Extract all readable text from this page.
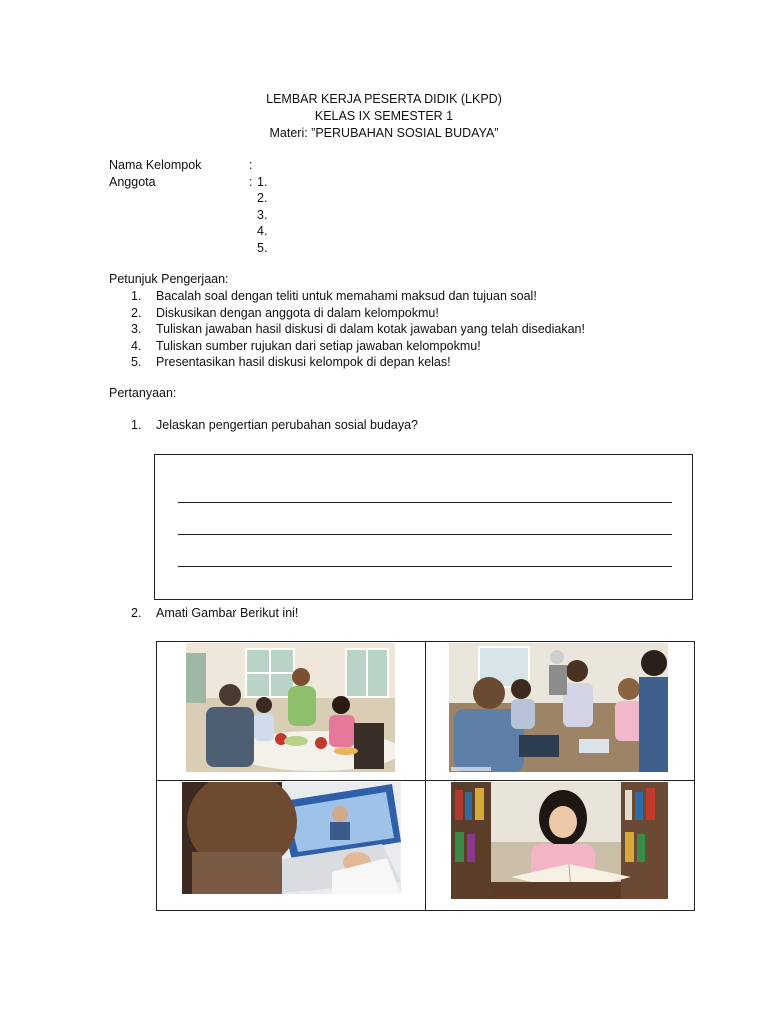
LEMBAR KERJA PESERTA DIDIK (LKPD)
KELAS IX SEMESTER 1
Materi: ”PERUBAHAN SOSIAL BUDAYA”
Nama Kelompok	:
Anggota	: 1.
2.
3.
4.
5.
Petunjuk Pengerjaan:
1.	Bacalah soal dengan teliti untuk memahami maksud dan tujuan soal!
2.	Diskusikan dengan anggota di dalam kelompokmu!
3.	Tuliskan jawaban hasil diskusi di dalam kotak jawaban yang telah disediakan!
4.	Tuliskan sumber rujukan dari setiap jawaban kelompokmu!
5.	Presentasikan hasil diskusi kelompok di depan kelas!
Pertanyaan:
1.	Jelaskan pengertian perubahan sosial budaya?
2.	Amati Gambar Berikut ini!
